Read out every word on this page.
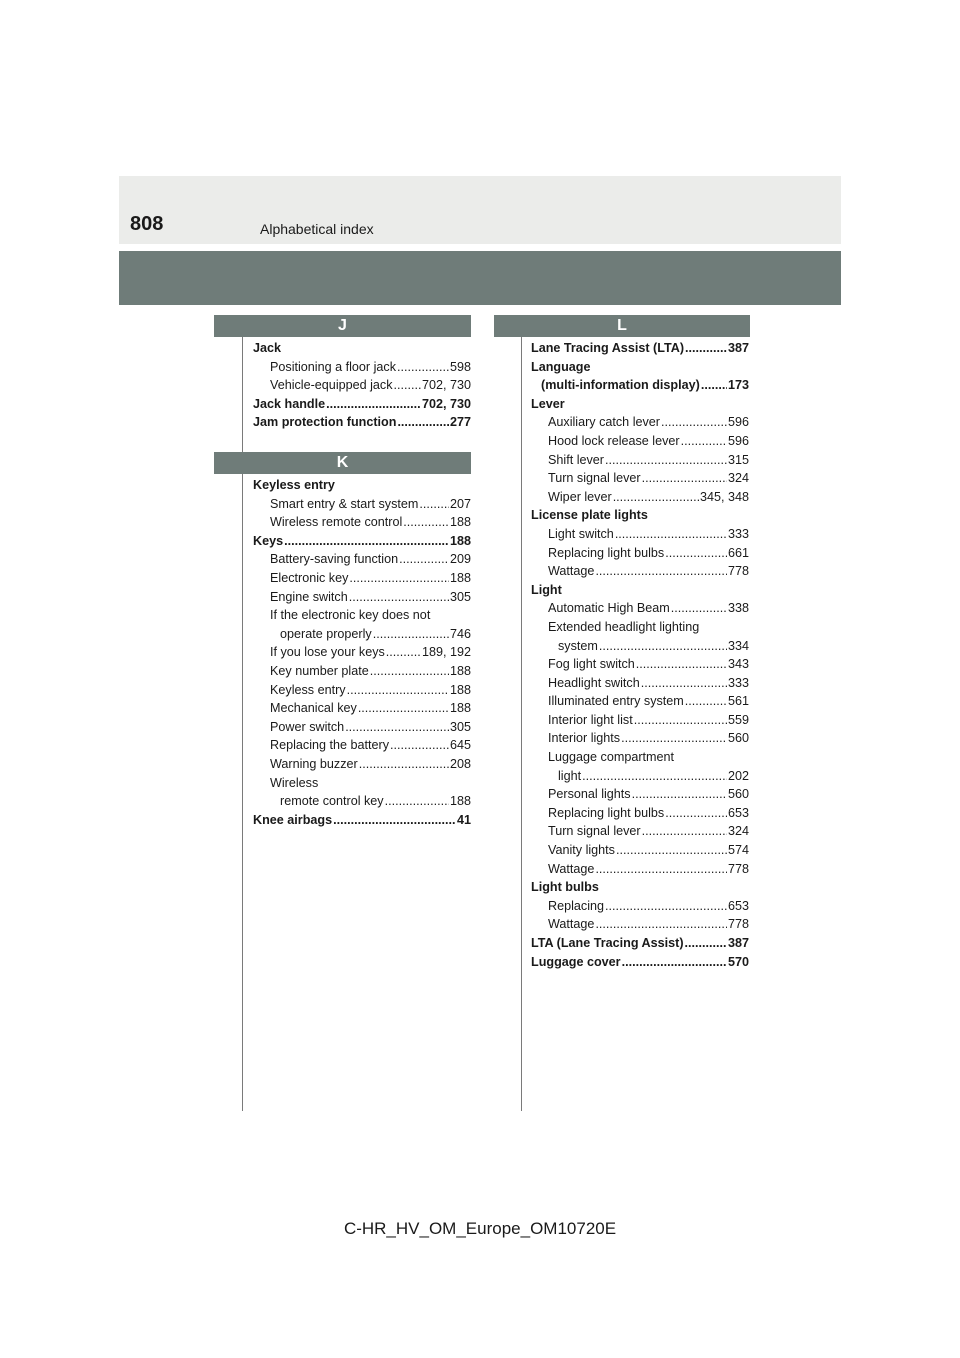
808	Alphabetical index
J
Jack
Positioning a floor jack .....	598
Vehicle-equipped jack ..... 702, 730
Jack handle .....	702, 730
Jam protection function .....	277
K
Keyless entry
Smart entry & start system .....	207
Wireless remote control .....	188
Keys .....	188
Battery-saving function .....	209
Electronic key .....	188
Engine switch .....	305
If the electronic key does not
operate properly .....	746
If you lose your keys .....	189, 192
Key number plate .....	188
Keyless entry .....	188
Mechanical key .....	188
Power switch .....	305
Replacing the battery .....	645
Warning buzzer .....	208
Wireless
remote control key .....	188
Knee airbags .....	41
L
Lane Tracing Assist (LTA) .....	387
Language
(multi-information display) ..... 173
Lever
Auxiliary catch lever .....	596
Hood lock release lever .....	596
Shift lever .....	315
Turn signal lever .....	324
Wiper lever .....	345, 348
License plate lights
Light switch .....	333
Replacing light bulbs .....	661
Wattage .....	778
Light
Automatic High Beam .....	338
Extended headlight lighting
system .....	334
Fog light switch .....	343
Headlight switch .....	333
Illuminated entry system .....	561
Interior light list .....	559
Interior lights .....	560
Luggage compartment
light .....	202
Personal lights .....	560
Replacing light bulbs .....	653
Turn signal lever .....	324
Vanity lights .....	574
Wattage .....	778
Light bulbs
Replacing .....	653
Wattage .....	778
LTA (Lane Tracing Assist) .....	387
Luggage cover .....	570
C-HR_HV_OM_Europe_OM10720E
